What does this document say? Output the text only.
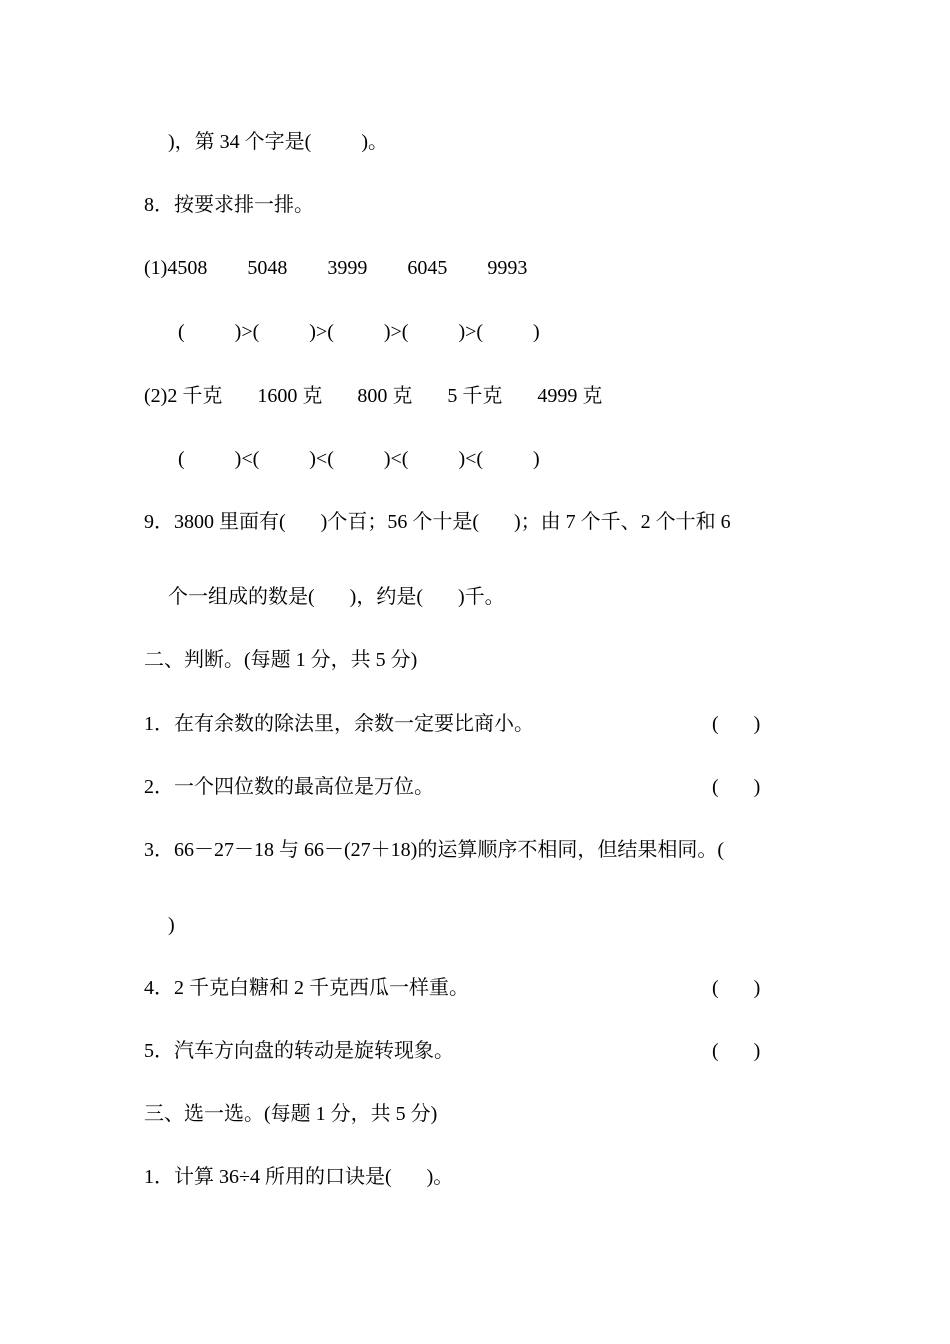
)，第 34 个字是(          )。
8．按要求排一排。
(1)4508        5048        3999        6045        9993
(          )>(          )>(          )>(          )>(          )
(2)2 千克       1600 克       800 克       5 千克       4999 克
(          )<(          )<(          )<(          )<(          )
9．3800 里面有(       )个百；56 个十是(       )；由 7 个千、2 个十和 6
个一组成的数是(       )，约是(       )千。
二、判断。(每题 1 分，共 5 分)
1．在有余数的除法里，余数一定要比商小。	(       )
2．一个四位数的最高位是万位。	(       )
3．66－27－18 与 66－(27＋18)的运算顺序不相同，但结果相同。(
)
4．2 千克白糖和 2 千克西瓜一样重。	(       )
5．汽车方向盘的转动是旋转现象。	(       )
三、选一选。(每题 1 分，共 5 分)
1．计算 36÷4 所用的口诀是(       )。
